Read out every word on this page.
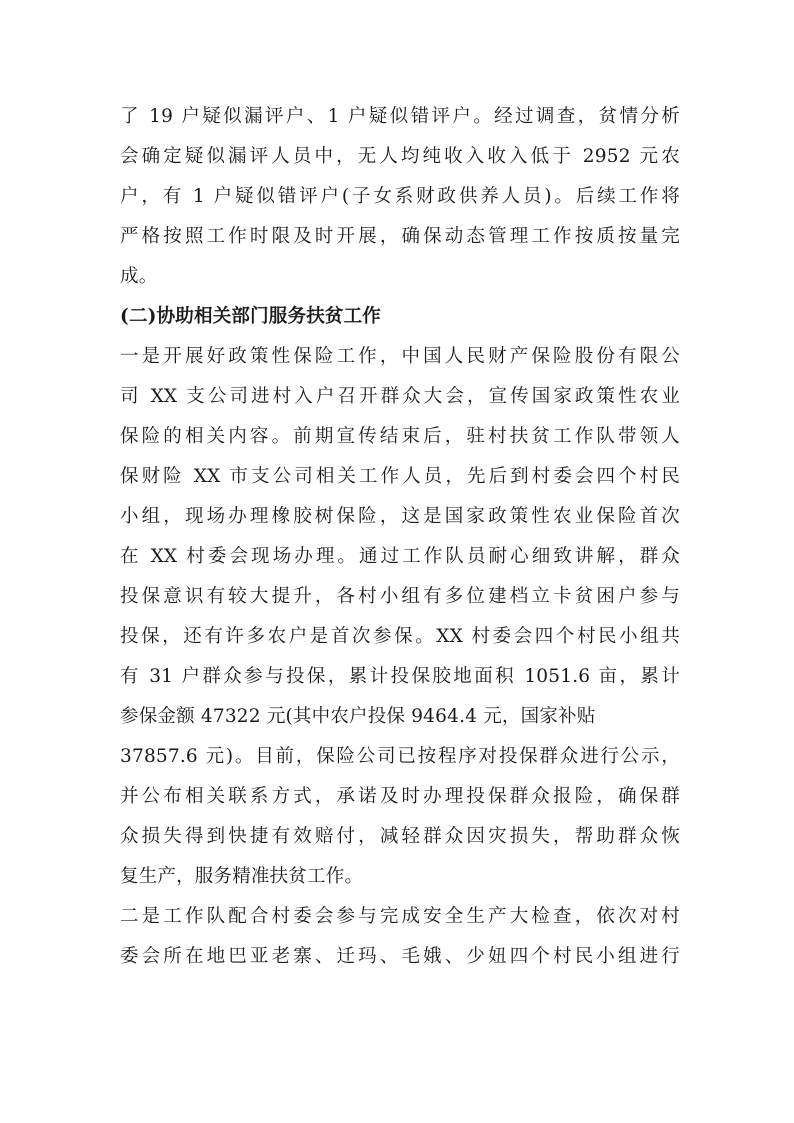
了 19 户疑似漏评户、1 户疑似错评户。经过调查，贫情分析
会确定疑似漏评人员中，无人均纯收入收入低于 2952 元农
户，有 1 户疑似错评户(子女系财政供养人员)。后续工作将
严格按照工作时限及时开展，确保动态管理工作按质按量完
成。
(二)协助相关部门服务扶贫工作
一是开展好政策性保险工作，中国人民财产保险股份有限公
司 XX 支公司进村入户召开群众大会，宣传国家政策性农业
保险的相关内容。前期宣传结束后，驻村扶贫工作队带领人
保财险 XX 市支公司相关工作人员，先后到村委会四个村民
小组，现场办理橡胶树保险，这是国家政策性农业保险首次
在 XX 村委会现场办理。通过工作队员耐心细致讲解，群众
投保意识有较大提升，各村小组有多位建档立卡贫困户参与
投保，还有许多农户是首次参保。XX 村委会四个村民小组共
有 31 户群众参与投保，累计投保胶地面积 1051.6 亩，累计
参保金额 47322 元(其中农户投保 9464.4 元，国家补贴
37857.6 元)。目前，保险公司已按程序对投保群众进行公示，
并公布相关联系方式，承诺及时办理投保群众报险，确保群
众损失得到快捷有效赔付，减轻群众因灾损失，帮助群众恢
复生产，服务精准扶贫工作。
二是工作队配合村委会参与完成安全生产大检查，依次对村
委会所在地巴亚老寨、迁玛、毛娥、少妞四个村民小组进行
